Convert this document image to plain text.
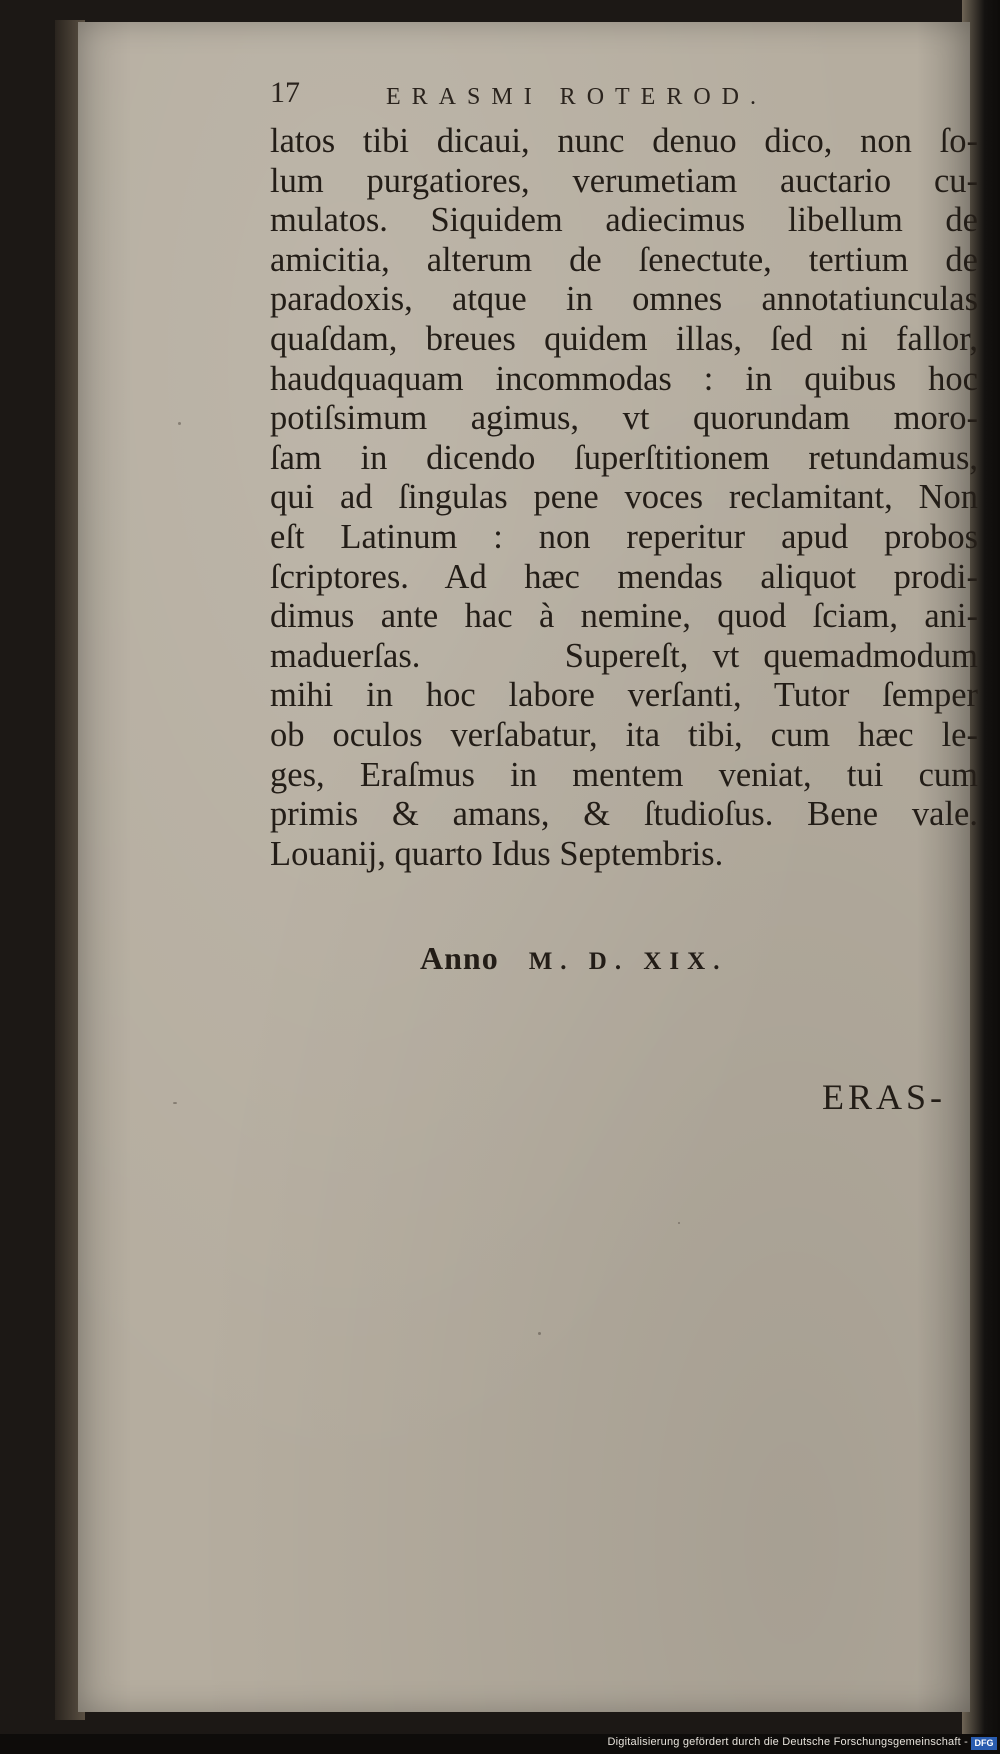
17	ERASMI ROTEROD.
latos tibi dicaui, nunc denuo dico, non ſo-
lum purgatiores, verumetiam auctario cu-
mulatos. Siquidem adiecimus libellum de
amicitia, alterum de ſenectute, tertium de
paradoxis, atque in omnes annotatiunculas
quaſdam, breues quidem illas, ſed ni fallor,
haudquaquam incommodas : in quibus hoc
potiſsimum agimus, vt quorundam moro-
ſam in dicendo ſuperſtitionem retundamus,
qui ad ſingulas pene voces reclamitant, Non
eſt Latinum : non reperitur apud probos
ſcriptores. Ad hæc mendas aliquot prodi-
dimus ante hac à nemine, quod ſciam, ani-
maduerſas.      Supereſt, vt quemadmodum
mihi in hoc labore verſanti, Tutor ſemper
ob oculos verſabatur, ita tibi, cum hæc le-
ges, Eraſmus in mentem veniat, tui cum
primis & amans, & ſtudioſus. Bene vale.
Louanij, quarto Idus Septembris.
Anno M. D. XIX.
ERAS-
Digitalisierung gefördert durch die Deutsche Forschungsgemeinschaft - DFG
